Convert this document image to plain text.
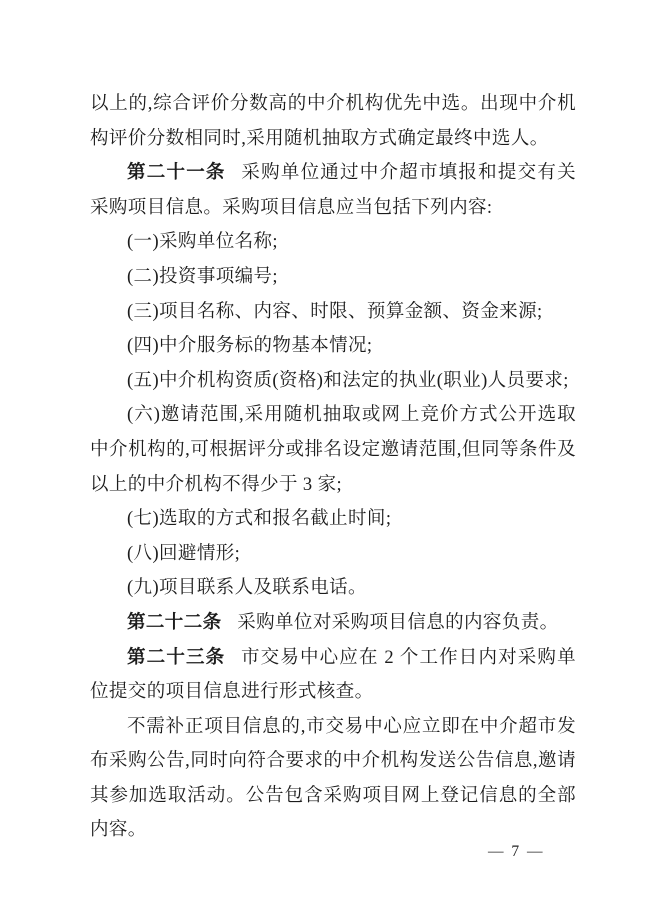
以上的,综合评价分数高的中介机构优先中选。出现中介机构评价分数相同时,采用随机抽取方式确定最终中选人。

第二十一条 采购单位通过中介超市填报和提交有关采购项目信息。采购项目信息应当包括下列内容:

(一)采购单位名称;

(二)投资事项编号;

(三)项目名称、内容、时限、预算金额、资金来源;

(四)中介服务标的物基本情况;

(五)中介机构资质(资格)和法定的执业(职业)人员要求;

(六)邀请范围,采用随机抽取或网上竞价方式公开选取中介机构的,可根据评分或排名设定邀请范围,但同等条件及以上的中介机构不得少于 3 家;

(七)选取的方式和报名截止时间;

(八)回避情形;

(九)项目联系人及联系电话。

第二十二条 采购单位对采购项目信息的内容负责。

第二十三条 市交易中心应在 2 个工作日内对采购单位提交的项目信息进行形式核查。

不需补正项目信息的,市交易中心应立即在中介超市发布采购公告,同时向符合要求的中介机构发送公告信息,邀请其参加选取活动。公告包含采购项目网上登记信息的全部内容。

— 7 —
